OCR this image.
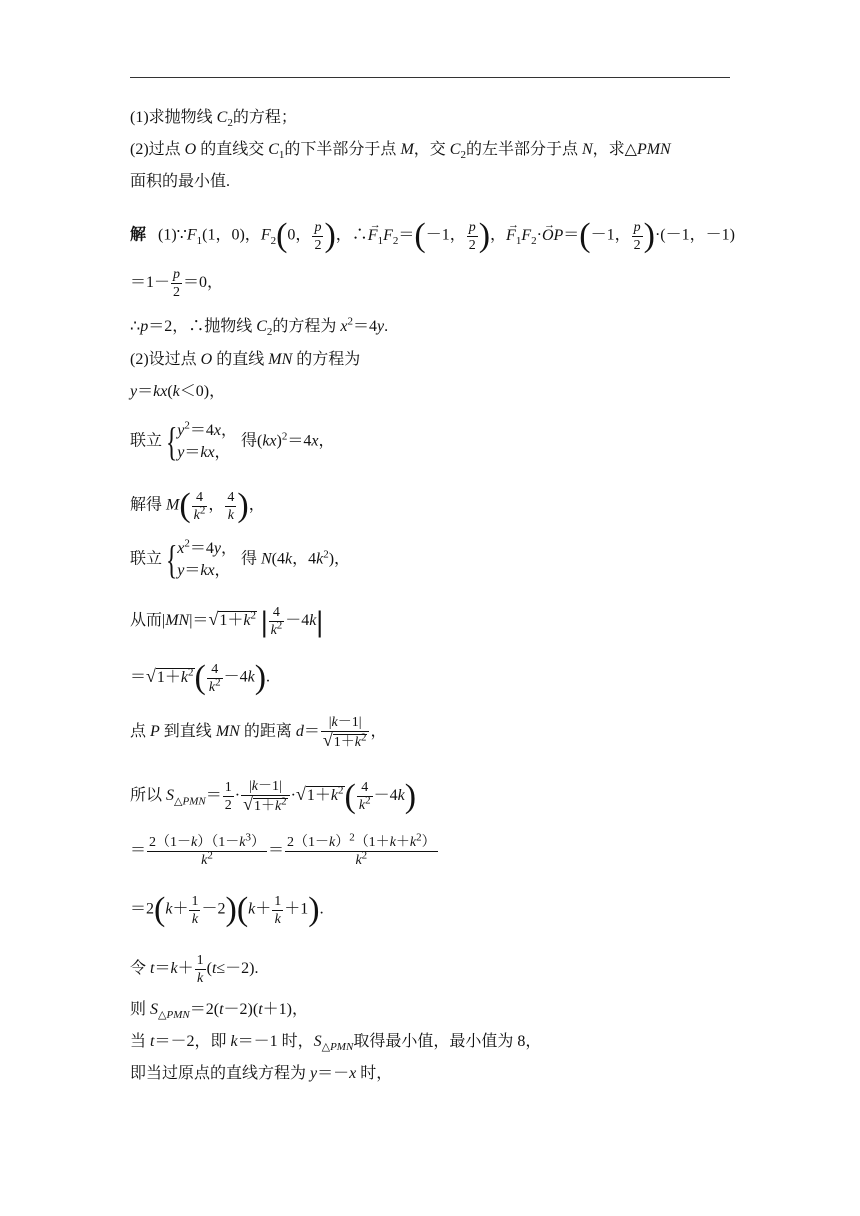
(1)求抛物线 $C_2$的方程；
(2)过点 O 的直线交 $C_1$的下半部分于点 M，交 $C_2$的左半部分于点 N，求△PMN
面积的最小值.
解   $(1)\because F_1(1$，0)，$F_2(0$， $\frac{p}{2}$ )，∴→ $F_1F_2=(-1$， $\frac{p}{2}$ )，→ $F_1F_2\cdot\to OP=(-1$， $\frac{p}{2} )\cdot(-1$，－1)
$=1- \frac{p}{2} =0$，
∴p＝2，∴抛物线 $C_2$的方程为 $x^2=4y$.
(2)设过点 O 的直线 MN 的方程为
y＝kx(k＜0)，
联立{$y^2=4x$，
y＝kx， 得(kx)$^2$＝4x，
解得 $M( \frac{4}{k^2}$ ， $\frac{4}{k}$ )，
联立{$x^2=4y$，
y＝kx， 得 N(4k，$4k^2$)，
从而$|MN|=√1+k^2$ | $\frac{4}{k^2} -4k|$
$=√1+k^2( \frac{4}{k^2} -4k)$.
点 P 到直线 MN 的距离 $d= \frac{|k-1|}{√1+k^2}$ ，
所以 $S_{\triangle PMN}= \frac{1}{2} \cdot \frac{|k-1|}{√1+k^2} \cdot√1+k^2( \frac{4}{k^2} -4k)$
＝ $\frac{2(1-k)(1-k^3)}{k^2} = \frac{2(1-k)^2(1+k+k^2)}{k^2}$
$=2(k+ \frac{1}{k} -2)(k+ \frac{1}{k} +1)$.
令 $t=k+ \frac{1}{k} (t\le-2)$.
则 $S_{\triangle PMN}=2(t-2)(t+1)$，
当 t＝－2，即 k＝－1 时，$S_{\triangle PMN}$取得最小值，最小值为 8，
即当过原点的直线方程为 y＝－x 时，
